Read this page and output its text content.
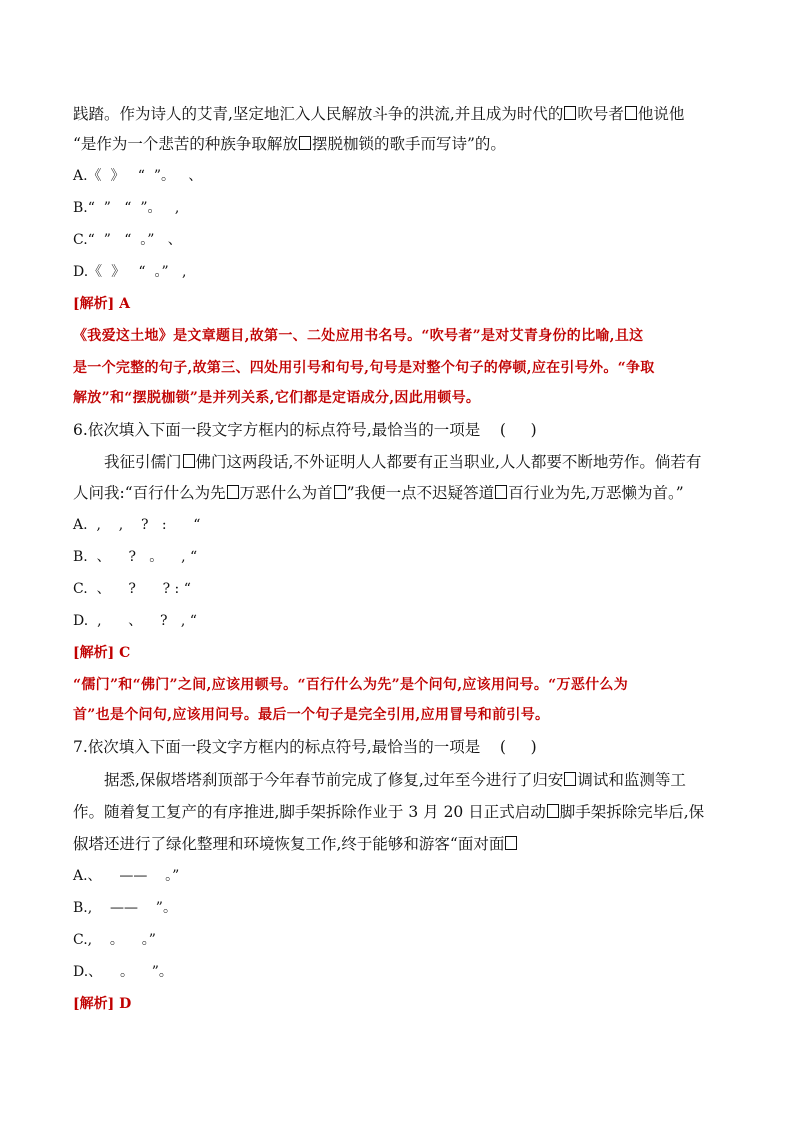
践踏。作为诗人的艾青,坚定地汇入人民解放斗争的洪流,并且成为时代的 吹号者 他说他
“是作为一个悲苦的种族争取解放 摆脱枷锁的歌手而写诗”的。
A.《  》   “  ”。   、
B.“  ”   “  ”。   ,
C.“  ”   “  。”   、
D.《  》   “  。”   ,
[解析] A
《我爱这土地》是文章题目,故第一、二处应用书名号。“吹号者”是对艾青身份的比喻,且这
是一个完整的句子,故第三、四处用引号和句号,句号是对整个句子的停顿,应在引号外。“争取
解放”和“摆脱枷锁”是并列关系,它们都是定语成分,因此用顿号。
6.依次填入下面一段文字方框内的标点符号,最恰当的一项是    (     )
我征引儒门 佛门这两段话,不外证明人人都要有正当职业,人人都要不断地劳作。倘若有
人问我:“百行什么为先 万恶什么为首 ”我便一点不迟疑答道 百行业为先,万恶懒为首。”
A.  ,    ,    ?   :      “
B.  、    ?   。    , “
C.  、    ?      ? : “
D.  ,      、    ?   , “
[解析] C
“儒门”和“佛门”之间,应该用顿号。“百行什么为先”是个问句,应该用问号。“万恶什么为
首”也是个问句,应该用问号。最后一个句子是完全引用,应用冒号和前引号。
7.依次填入下面一段文字方框内的标点符号,最恰当的一项是    (     )
据悉,保俶塔塔刹顶部于今年春节前完成了修复,过年至今进行了归安 调试和监测等工
作。随着复工复产的有序推进,脚手架拆除作业于 3 月 20 日正式启动 脚手架拆除完毕后,保
俶塔还进行了绿化整理和环境恢复工作,终于能够和游客“面对面
A.、    ——    。”
B.,    ——    ”。
C.,    。    。”
D.、    。    ”。
[解析] D
